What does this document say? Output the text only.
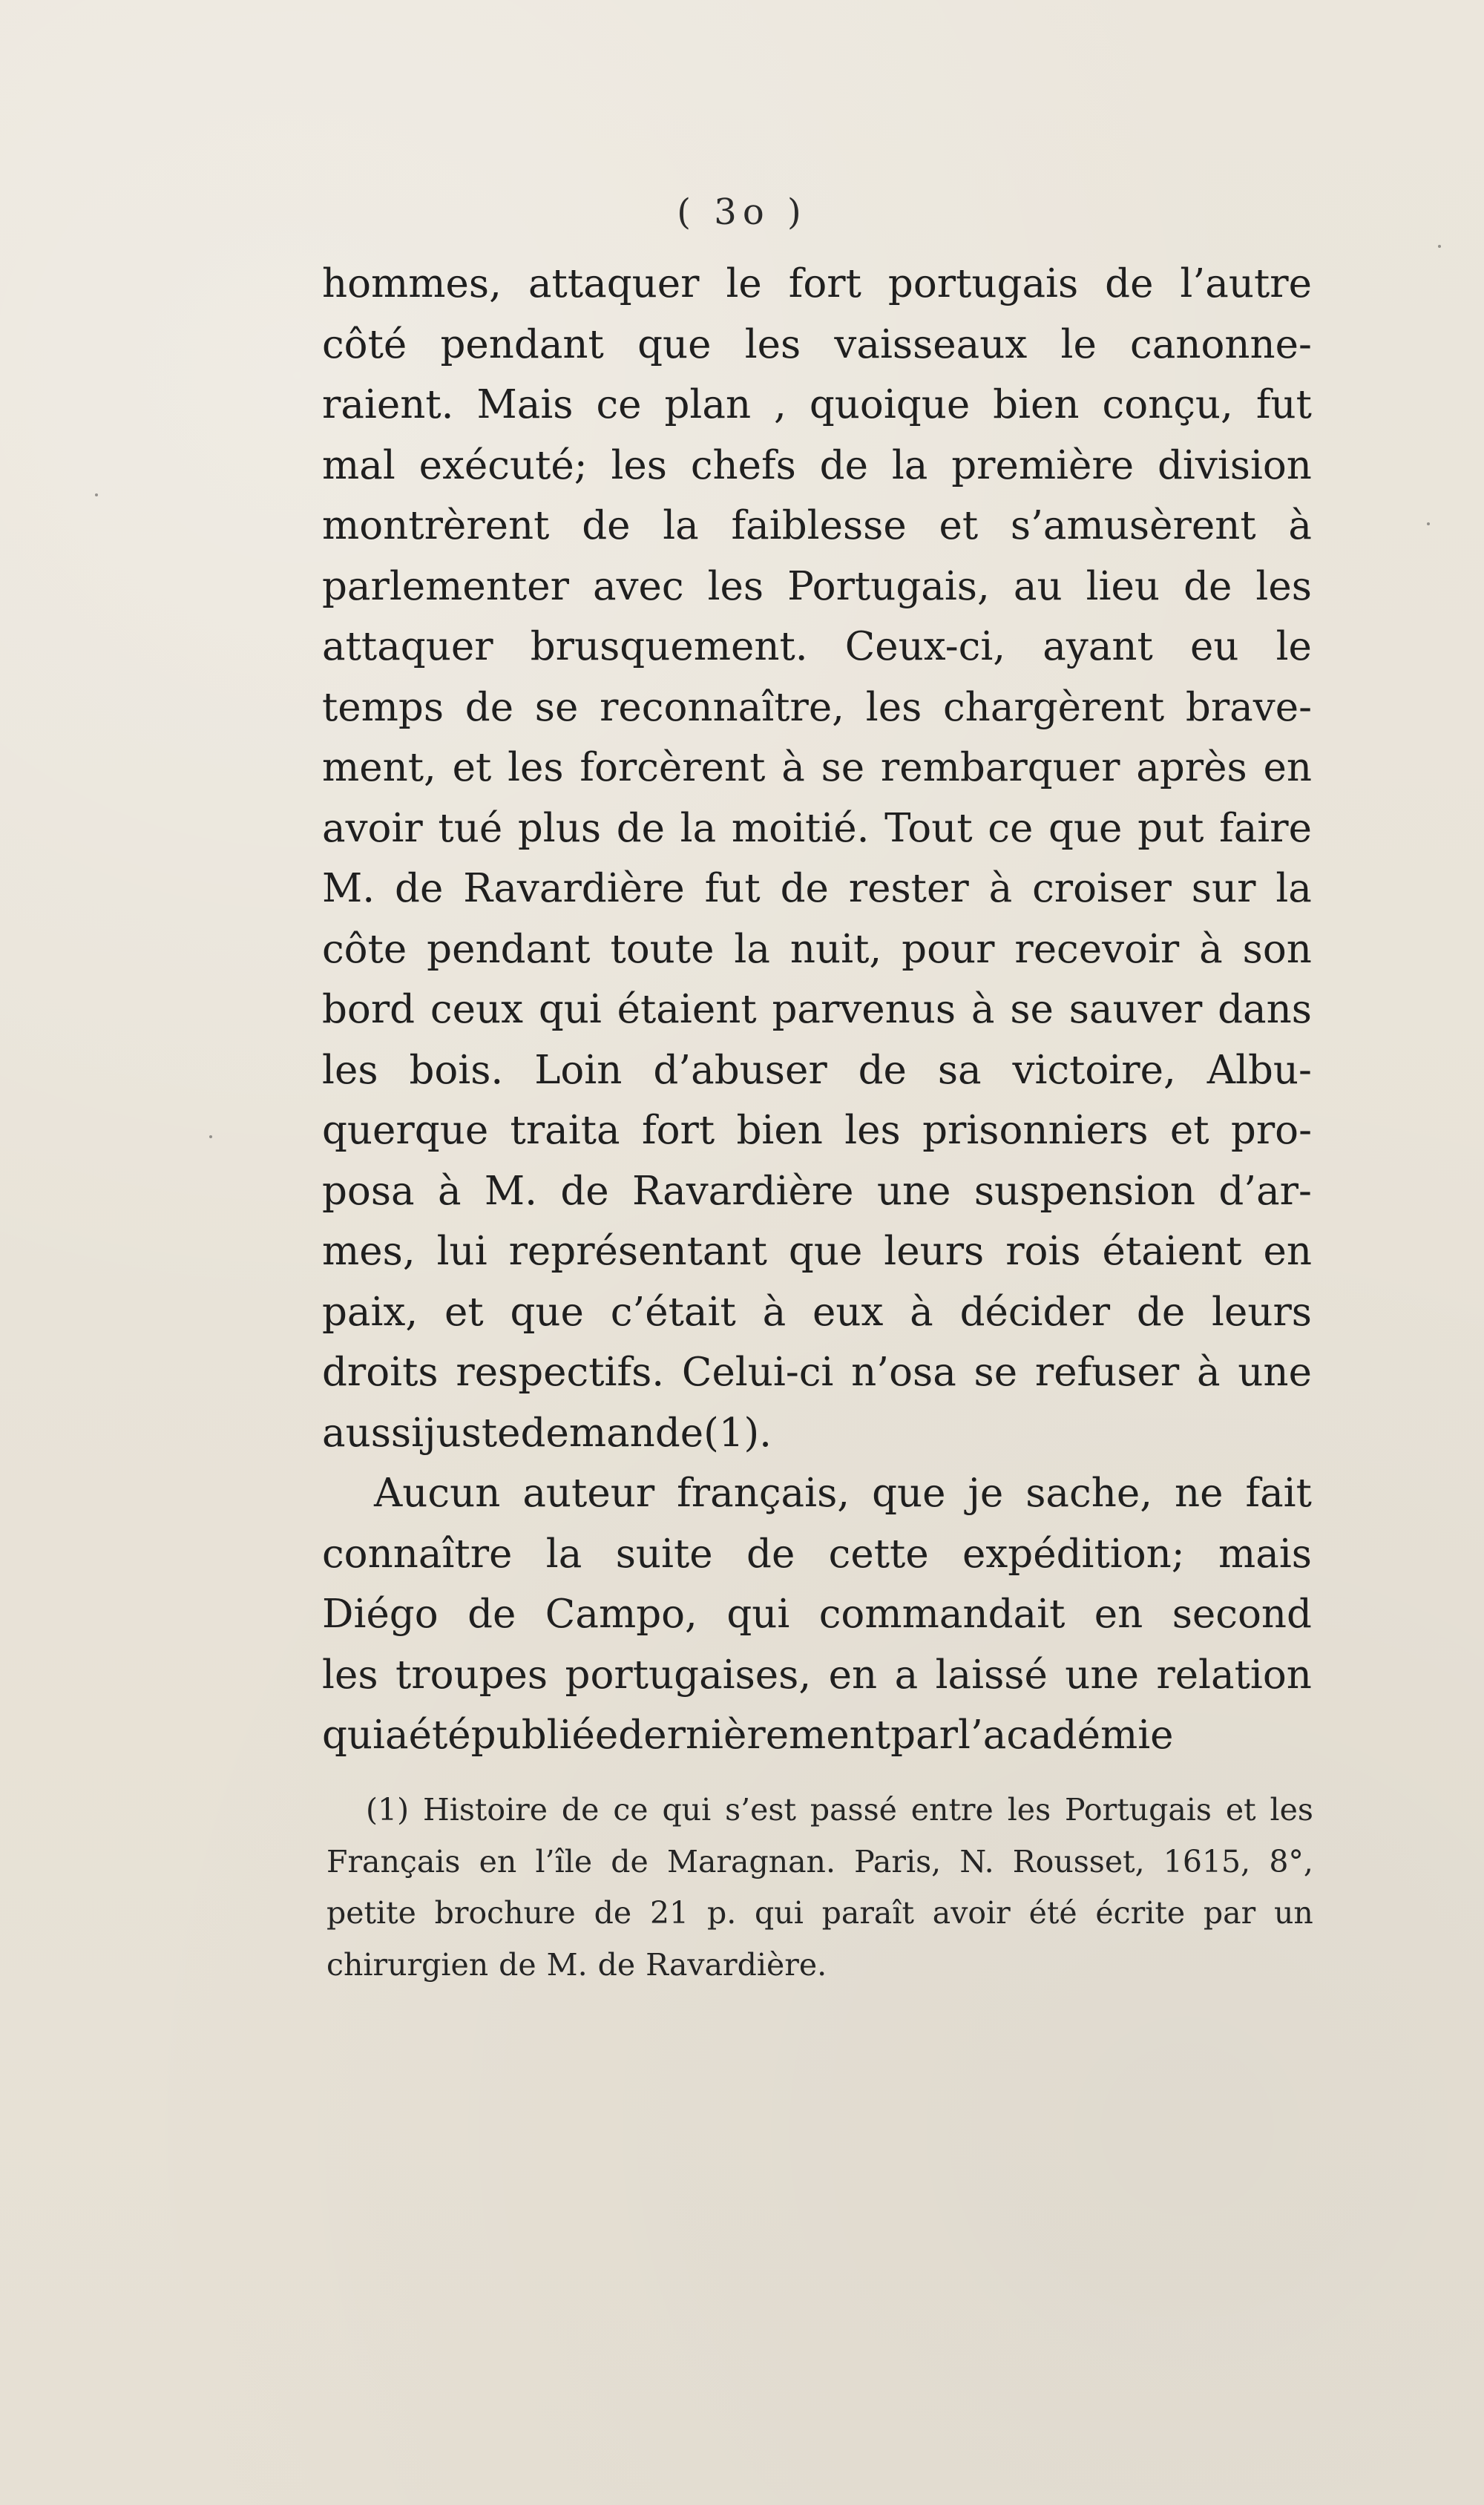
( 3o )
hommes, attaquer le fort portugais de l’autre
côté pendant que les vaisseaux le canonne-
raient. Mais ce plan , quoique bien conçu, fut
mal exécuté; les chefs de la première division
montrèrent de la faiblesse et s’amusèrent à
parlementer avec les Portugais, au lieu de les
attaquer brusquement. Ceux-ci, ayant eu le
temps de se reconnaître, les chargèrent brave-
ment, et les forcèrent à se rembarquer après en
avoir tué plus de la moitié. Tout ce que put faire
M. de Ravardière fut de rester à croiser sur la
côte pendant toute la nuit, pour recevoir à son
bord ceux qui étaient parvenus à se sauver dans
les bois. Loin d’abuser de sa victoire, Albu-
querque traita fort bien les prisonniers et pro-
posa à M. de Ravardière une suspension d’ar-
mes, lui représentant que leurs rois étaient en
paix, et que c’était à eux à décider de leurs
droits respectifs. Celui-ci n’osa se refuser à une
aussi juste demande (1).
Aucun auteur français, que je sache, ne fait
connaître la suite de cette expédition; mais
Diégo de Campo, qui commandait en second
les troupes portugaises, en a laissé une relation
qui a été publiée dernièrement par l’académie
(1) Histoire de ce qui s’est passé entre les Portugais et les
Français en l’île de Maragnan. Paris, N. Rousset, 1615, 8°,
petite brochure de 21 p. qui paraît avoir été écrite par un
chirurgien de M. de Ravardière.
